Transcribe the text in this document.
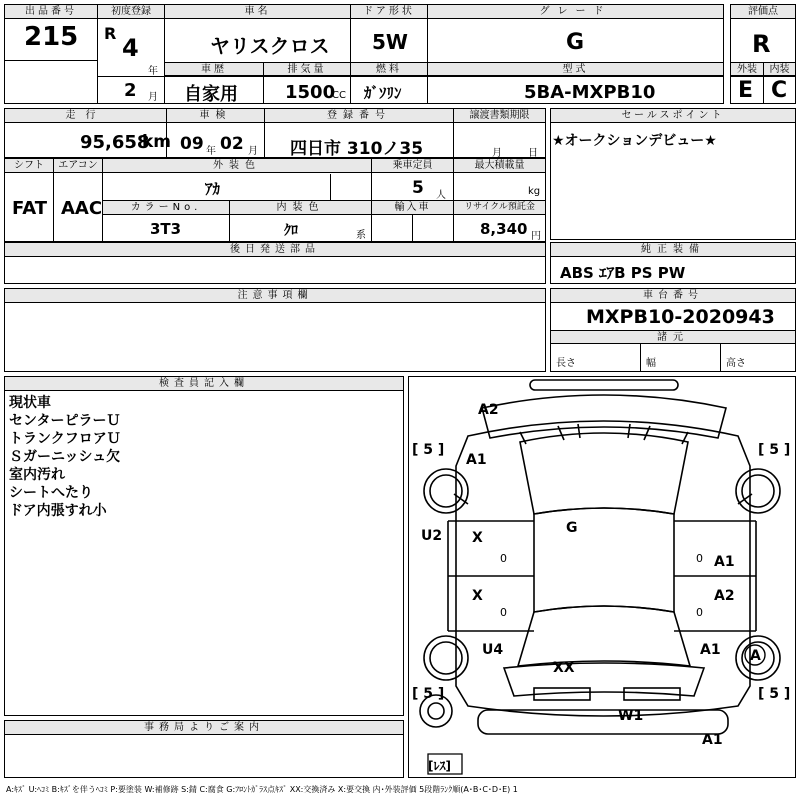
出品番号
215
初度登録
R
4
年
2 月
車名
ヤリスクロス
ドア形状
5W
グレード
G
車歴
自家用
排気量
1500
CC
燃料
ｶﾞｿﾘﾝ
型式
5BA-MXPB10
評価点
R
外装	内装
E C
走行
95,658
km
車検
09 年 02 月
登録番号
四日市 310ノ35
譲渡書類期限
月	日
セールスポイント
★オークションデビュー★
シフト
FAT
エアコン
AAC
外装色
ｱｶ
乗車定員
5 人
最大積載量
kg
カラーNo.
3T3
内装色
ｸﾛ	系
輸入車	リサイクル預託金
8,340 円
後日発送部品	純正装備
ABS ｴｱB PS PW
注意事項欄	車台番号
MXPB10-2020943
諸元
長さ	幅	高さ
検査員記入欄
現状車
センターピラーＵ
トランクフロアＵ
Ｓガーニッシュ欠
室内汚れ
シートへたり
ドア内張すれ小
事務局よりご案内
A2
A1
U2 X
X
G
A1
A2
U4
XX
A1 A
W1
A1
[ 5 ]	[ 5 ]
[ 5 ]	[ 5 ]
[ﾚｽ]
0
0
0
0
A:ｷｽﾞ U:ﾍｺﾐ B:ｷｽﾞを伴うﾍｺﾐ P:要塗装 W:補修跡 S:錆 C:腐食 G:ﾌﾛﾝﾄｶﾞﾗｽ点ｷｽﾞ XX:交換済み X:要交換 内･外装評価 5段階ﾗﾝｸ順(A･B･C･D･E) 1
